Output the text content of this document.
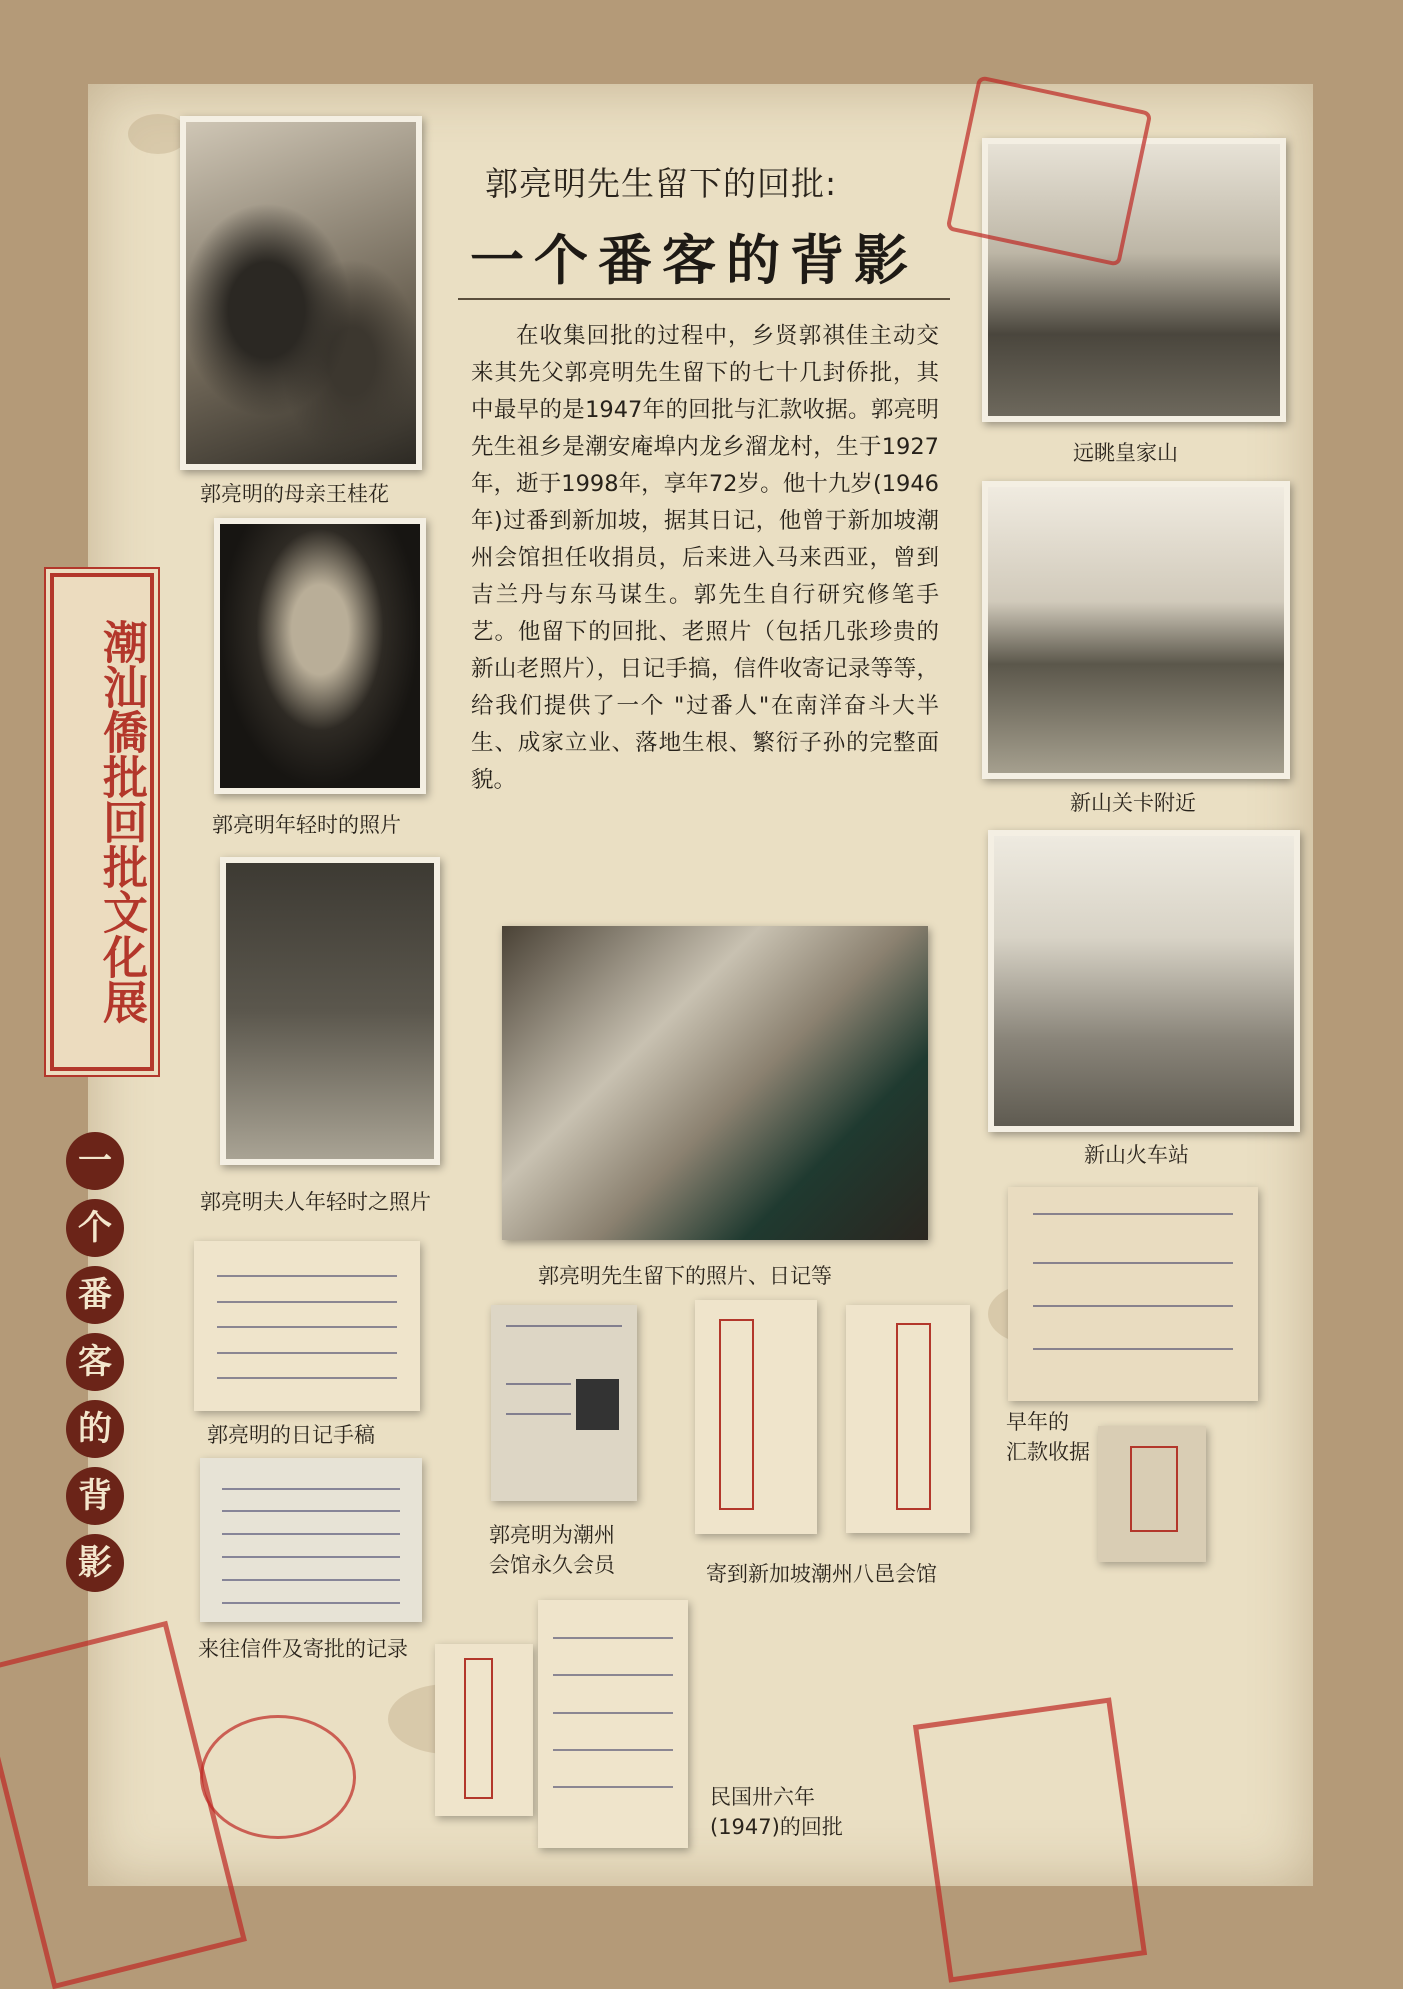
郭亮明先生留下的回批:
一个番客的背影
在收集回批的过程中，乡贤郭祺佳主动交来其先父郭亮明先生留下的七十几封侨批，其中最早的是1947年的回批与汇款收据。郭亮明先生祖乡是潮安庵埠内龙乡溜龙村，生于1927年，逝于1998年，享年72岁。他十九岁(1946年)过番到新加坡，据其日记，他曾于新加坡潮州会馆担任收捐员，后来进入马来西亚，曾到吉兰丹与东马谋生。郭先生自行研究修笔手艺。他留下的回批、老照片（包括几张珍贵的新山老照片），日记手搞，信件收寄记录等等，给我们提供了一个 "过番人"在南洋奋斗大半生、成家立业、落地生根、繁衍子孙的完整面貌。
郭亮明的母亲王桂花
郭亮明年轻时的照片
郭亮明夫人年轻时之照片
郭亮明的日记手稿
来往信件及寄批的记录
郭亮明先生留下的照片、日记等
郭亮明为潮州
会馆永久会员	寄到新加坡潮州八邑会馆
民国卅六年
(1947)的回批
远眺皇家山
新山关卡附近
新山火车站
早年的
汇款收据
潮汕僑批回批文化展
一
个
番
客
的
背
影
